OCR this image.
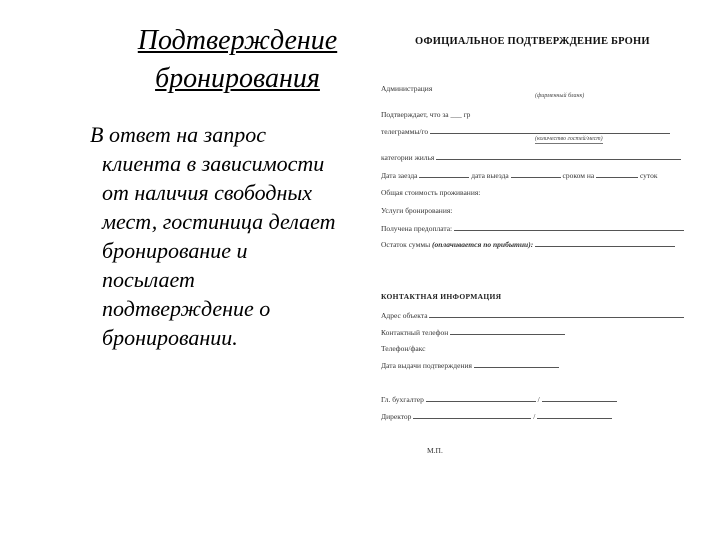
Подтверждение
бронирования
В ответ на запрос
клиента в зависимости
от наличия свободных
мест, гостиница делает
бронирование и
посылает
подтверждение о
бронировании.
ОФИЦИАЛЬНОЕ ПОДТВЕРЖДЕНИЕ БРОНИ
Администрация
(фирменный бланк)
Подтверждает, что за ___ гр
телеграммы/го
(количество гостей/мест)
категории жилья
Дата заезда	дата выезда	сроком на	суток
Общая стоимость проживания:
Услуги бронирования:
Получена предоплата:
Остаток суммы (оплачивается по прибытии):
КОНТАКТНАЯ ИНФОРМАЦИЯ
Адрес объекта
Контактный телефон
Телефон/факс
Дата выдачи подтверждения
Гл. бухгалтер	/
Директор	/
М.П.
